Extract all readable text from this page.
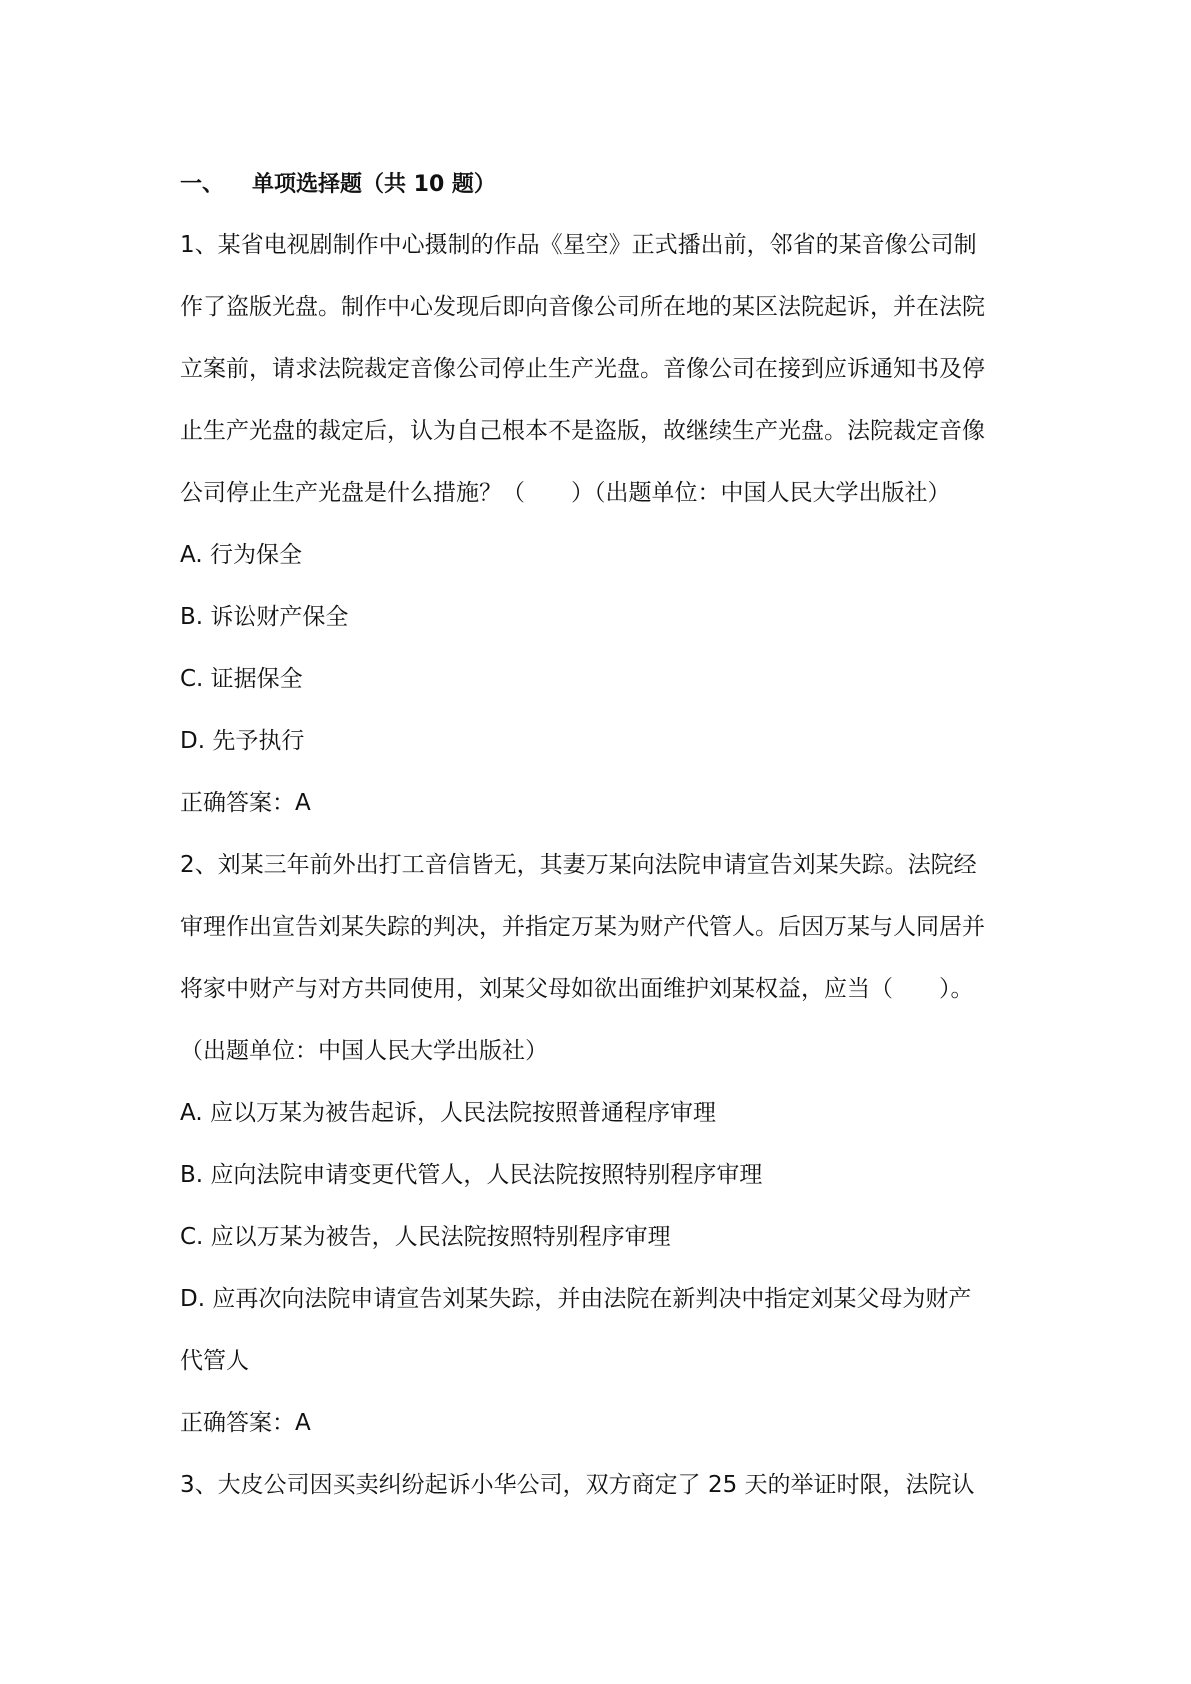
一、	单项选择题（共 10 题）

1、某省电视剧制作中心摄制的作品《星空》正式播出前，邻省的某音像公司制

作了盗版光盘。制作中心发现后即向音像公司所在地的某区法院起诉，并在法院

立案前，请求法院裁定音像公司停止生产光盘。音像公司在接到应诉通知书及停

止生产光盘的裁定后，认为自己根本不是盗版，故继续生产光盘。法院裁定音像

公司停止生产光盘是什么措施？（　　）（出题单位：中国人民大学出版社）

A. 行为保全

B. 诉讼财产保全

C. 证据保全

D. 先予执行

正确答案：A

2、刘某三年前外出打工音信皆无，其妻万某向法院申请宣告刘某失踪。法院经

审理作出宣告刘某失踪的判决，并指定万某为财产代管人。后因万某与人同居并

将家中财产与对方共同使用，刘某父母如欲出面维护刘某权益，应当（　　）。

（出题单位：中国人民大学出版社）

A. 应以万某为被告起诉，人民法院按照普通程序审理

B. 应向法院申请变更代管人，人民法院按照特别程序审理

C. 应以万某为被告，人民法院按照特别程序审理

D. 应再次向法院申请宣告刘某失踪，并由法院在新判决中指定刘某父母为财产

代管人

正确答案：A

3、大皮公司因买卖纠纷起诉小华公司，双方商定了 25 天的举证时限，法院认
